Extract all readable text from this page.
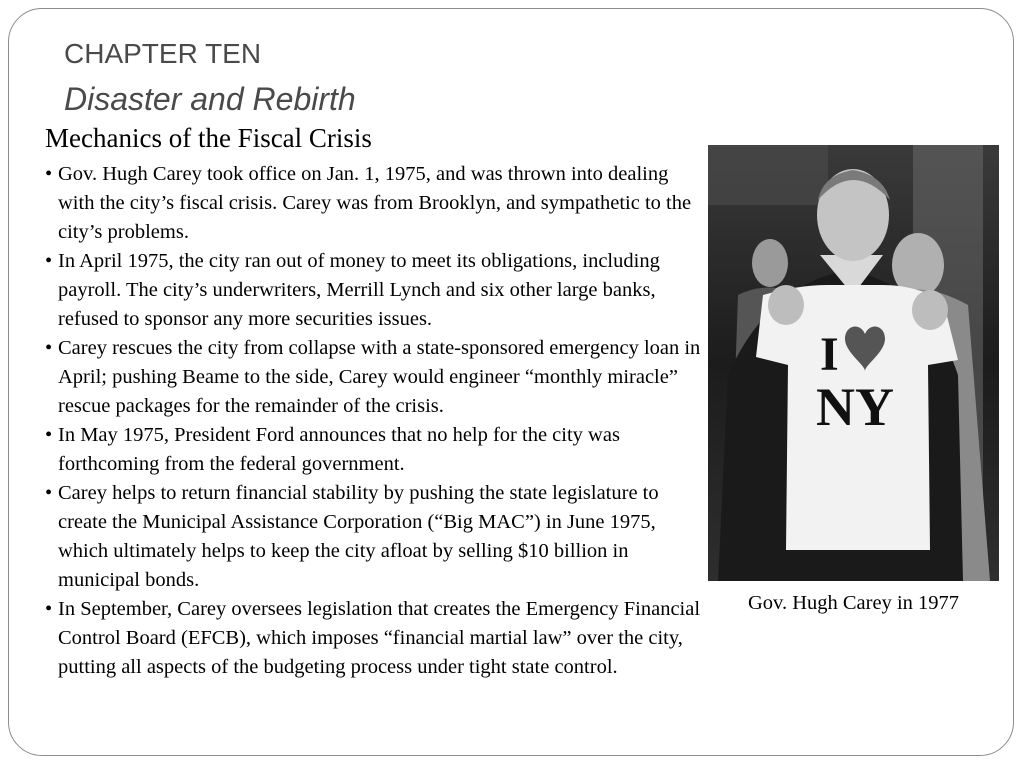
CHAPTER TEN
Disaster and Rebirth
Mechanics of the Fiscal Crisis
• Gov. Hugh Carey took office on Jan. 1, 1975, and was thrown into dealing with the city’s fiscal crisis. Carey was from Brooklyn, and sympathetic to the city’s problems.
• In April 1975, the city ran out of money to meet its obligations, including payroll. The city’s underwriters, Merrill Lynch and six other large banks, refused to sponsor any more securities issues.
• Carey rescues the city from collapse with a state-sponsored emergency loan in April; pushing Beame to the side, Carey would engineer “monthly miracle” rescue packages for the remainder of the crisis.
• In May 1975, President Ford announces that no help for the city was forthcoming from the federal government.
• Carey helps to return financial stability by pushing the state legislature to create the Municipal Assistance Corporation (“Big MAC”) in June 1975, which ultimately helps to keep the city afloat by selling $10 billion in municipal bonds.
• In September, Carey oversees legislation that creates the Emergency Financial Control Board (EFCB), which imposes “financial martial law” over the city, putting all aspects of the budgeting process under tight state control.
I
NY
Gov. Hugh Carey in 1977
